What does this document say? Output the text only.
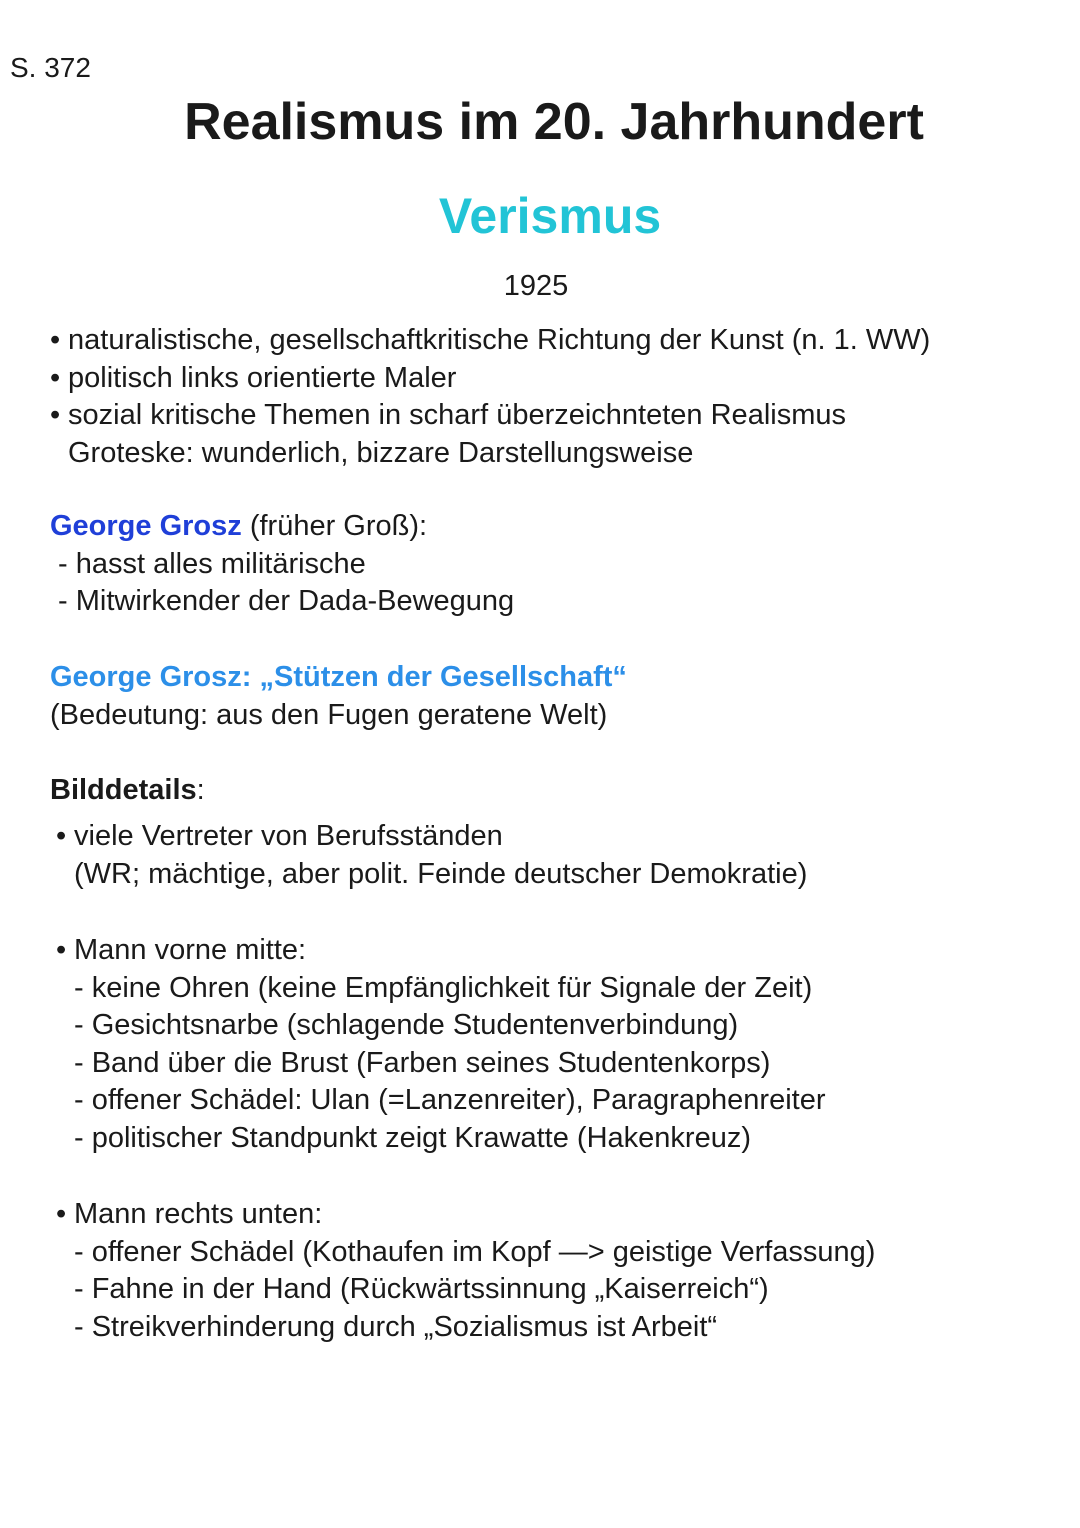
S. 372
Realismus im 20. Jahrhundert
Verismus
1925
• naturalistische, gesellschaftkritische Richtung der Kunst (n. 1. WW)
• politisch links orientierte Maler
• sozial kritische Themen in scharf überzeichnteten Realismus
Groteske: wunderlich, bizzare Darstellungsweise
George Grosz (früher Groß):
- hasst alles militärische
- Mitwirkender der Dada-Bewegung
George Grosz: „Stützen der Gesellschaft“
(Bedeutung: aus den Fugen geratene Welt)
Bilddetails:
• viele Vertreter von Berufsständen
(WR; mächtige, aber polit. Feinde deutscher Demokratie)
• Mann vorne mitte:
- keine Ohren (keine Empfänglichkeit für Signale der Zeit)
- Gesichtsnarbe (schlagende Studentenverbindung)
- Band über die Brust (Farben seines Studentenkorps)
- offener Schädel: Ulan (=Lanzenreiter), Paragraphenreiter
- politischer Standpunkt zeigt Krawatte (Hakenkreuz)
• Mann rechts unten:
- offener Schädel (Kothaufen im Kopf —> geistige Verfassung)
- Fahne in der Hand (Rückwärtssinnung „Kaiserreich“)
- Streikverhinderung durch „Sozialismus ist Arbeit“
